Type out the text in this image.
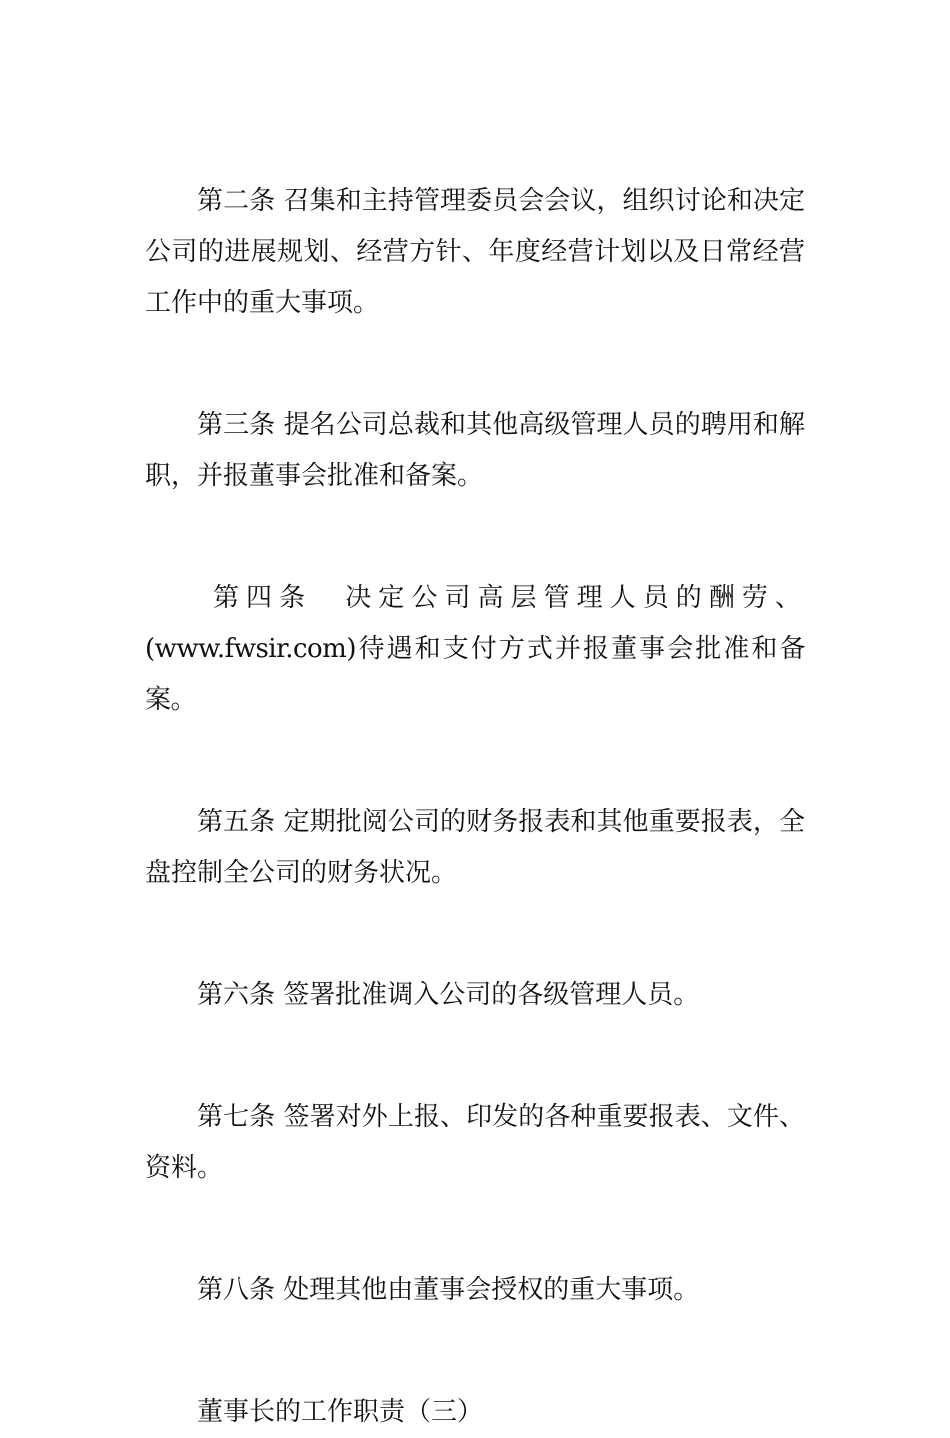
第二条 召集和主持管理委员会会议，组织讨论和决定公司的进展规划、经营方针、年度经营计划以及日常经营工作中的重大事项。

第三条 提名公司总裁和其他高级管理人员的聘用和解职，并报董事会批准和备案。

第四条　决定公司高层管理人员的酬劳、
(www.fwsir.com)待遇和支付方式并报董事会批准和备案。

第五条 定期批阅公司的财务报表和其他重要报表，全盘控制全公司的财务状况。

第六条 签署批准调入公司的各级管理人员。

第七条 签署对外上报、印发的各种重要报表、文件、资料。

第八条 处理其他由董事会授权的重大事项。

董事长的工作职责（三）
